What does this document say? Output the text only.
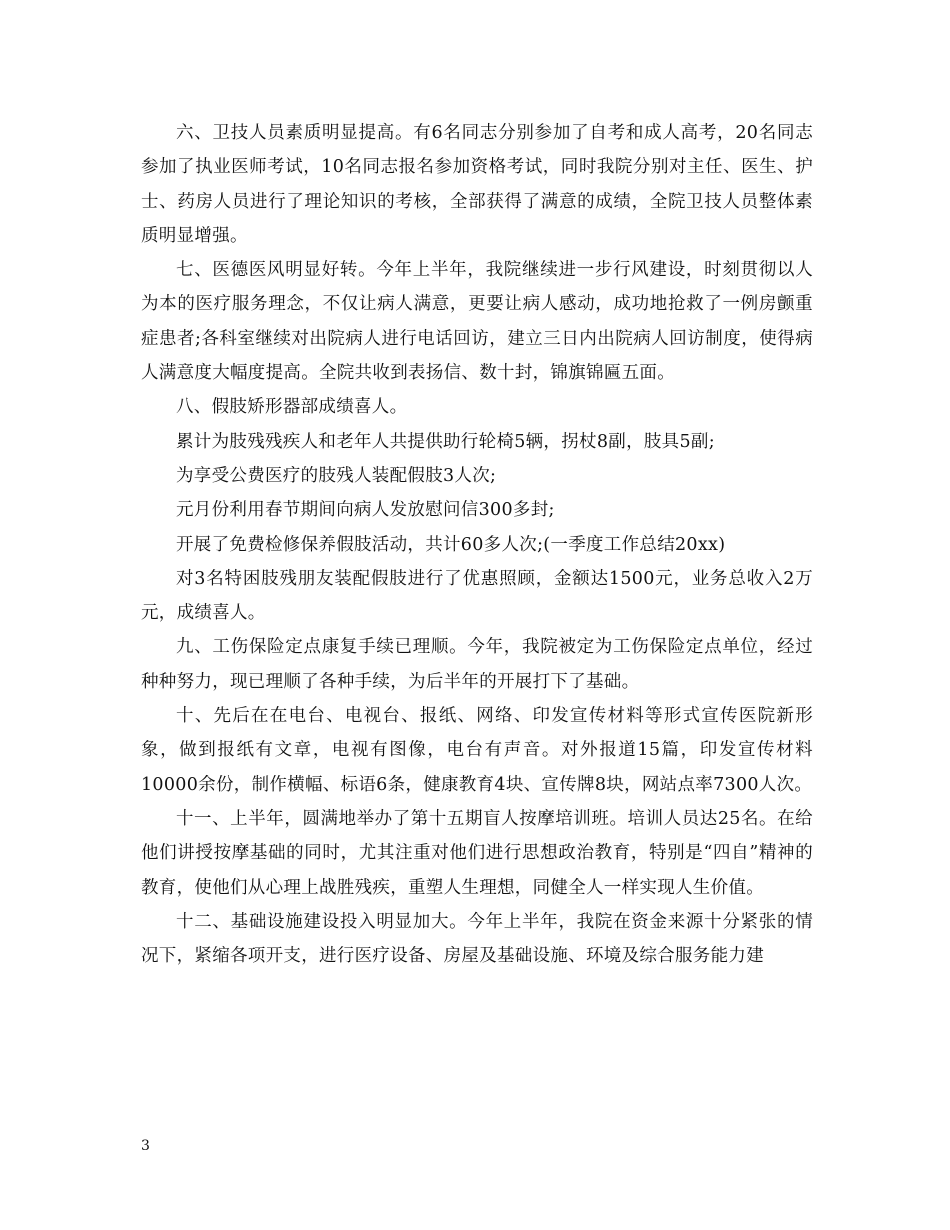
六、卫技人员素质明显提高。有6名同志分别参加了自考和成人高考，20名同志参加了执业医师考试，10名同志报名参加资格考试，同时我院分别对主任、医生、护士、药房人员进行了理论知识的考核，全部获得了满意的成绩，全院卫技人员整体素质明显增强。

七、医德医风明显好转。今年上半年，我院继续进一步行风建设，时刻贯彻以人为本的医疗服务理念，不仅让病人满意，更要让病人感动，成功地抢救了一例房颤重症患者;各科室继续对出院病人进行电话回访，建立三日内出院病人回访制度，使得病人满意度大幅度提高。全院共收到表扬信、数十封，锦旗锦匾五面。

八、假肢矫形器部成绩喜人。

累计为肢残残疾人和老年人共提供助行轮椅5辆，拐杖8副，肢具5副;

为享受公费医疗的肢残人装配假肢3人次;

元月份利用春节期间向病人发放慰问信300多封;

开展了免费检修保养假肢活动，共计60多人次;(一季度工作总结20xx)

对3名特困肢残朋友装配假肢进行了优惠照顾，金额达1500元，业务总收入2万元，成绩喜人。

九、工伤保险定点康复手续已理顺。今年，我院被定为工伤保险定点单位，经过种种努力，现已理顺了各种手续，为后半年的开展打下了基础。

十、先后在在电台、电视台、报纸、网络、印发宣传材料等形式宣传医院新形象，做到报纸有文章，电视有图像，电台有声音。对外报道15篇，印发宣传材料10000余份，制作横幅、标语6条，健康教育4块、宣传牌8块，网站点率7300人次。

十一、上半年，圆满地举办了第十五期盲人按摩培训班。培训人员达25名。在给他们讲授按摩基础的同时，尤其注重对他们进行思想政治教育，特别是“四自”精神的教育，使他们从心理上战胜残疾，重塑人生理想，同健全人一样实现人生价值。

十二、基础设施建设投入明显加大。今年上半年，我院在资金来源十分紧张的情况下，紧缩各项开支，进行医疗设备、房屋及基础设施、环境及综合服务能力建

3
